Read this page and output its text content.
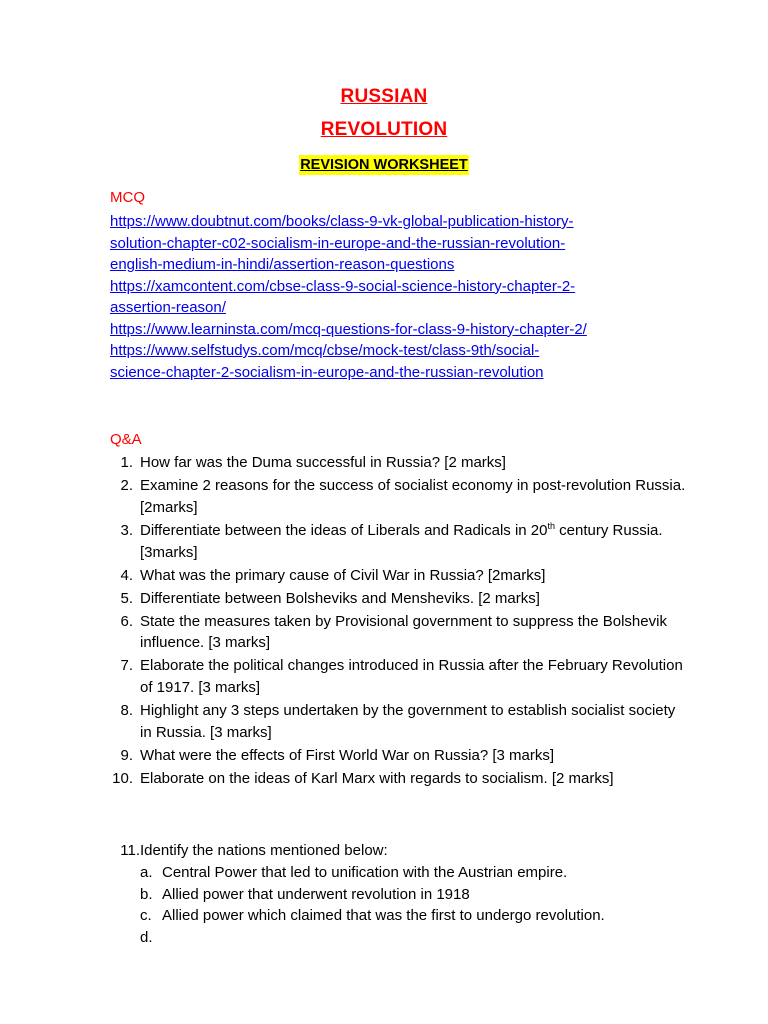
RUSSIAN
REVOLUTION
REVISION WORKSHEET
MCQ
https://www.doubtnut.com/books/class-9-vk-global-publication-history-
solution-chapter-c02-socialism-in-europe-and-the-russian-revolution-
english-medium-in-hindi/assertion-reason-questions
https://xamcontent.com/cbse-class-9-social-science-history-chapter-2-
assertion-reason/
https://www.learninsta.com/mcq-questions-for-class-9-history-chapter-2/
https://www.selfstudys.com/mcq/cbse/mock-test/class-9th/social-
science-chapter-2-socialism-in-europe-and-the-russian-revolution
Q&A
1. How far was the Duma successful in Russia? [2 marks]
2. Examine 2 reasons for the success of socialist economy in post-revolution Russia. [2marks]
3. Differentiate between the ideas of Liberals and Radicals in 20th century Russia. [3marks]
4. What was the primary cause of Civil War in Russia? [2marks]
5. Differentiate between Bolsheviks and Mensheviks. [2 marks]
6. State the measures taken by Provisional government to suppress the Bolshevik influence. [3 marks]
7. Elaborate the political changes introduced in Russia after the February Revolution of 1917. [3 marks]
8. Highlight any 3 steps undertaken by the government to establish socialist society in Russia. [3 marks]
9. What were the effects of First World War on Russia? [3 marks]
10. Elaborate on the ideas of Karl Marx with regards to socialism. [2 marks]
11. Identify the nations mentioned below:
a. Central Power that led to unification with the Austrian empire.
b. Allied power that underwent revolution in 1918
c. Allied power which claimed that was the first to undergo revolution.
d.
